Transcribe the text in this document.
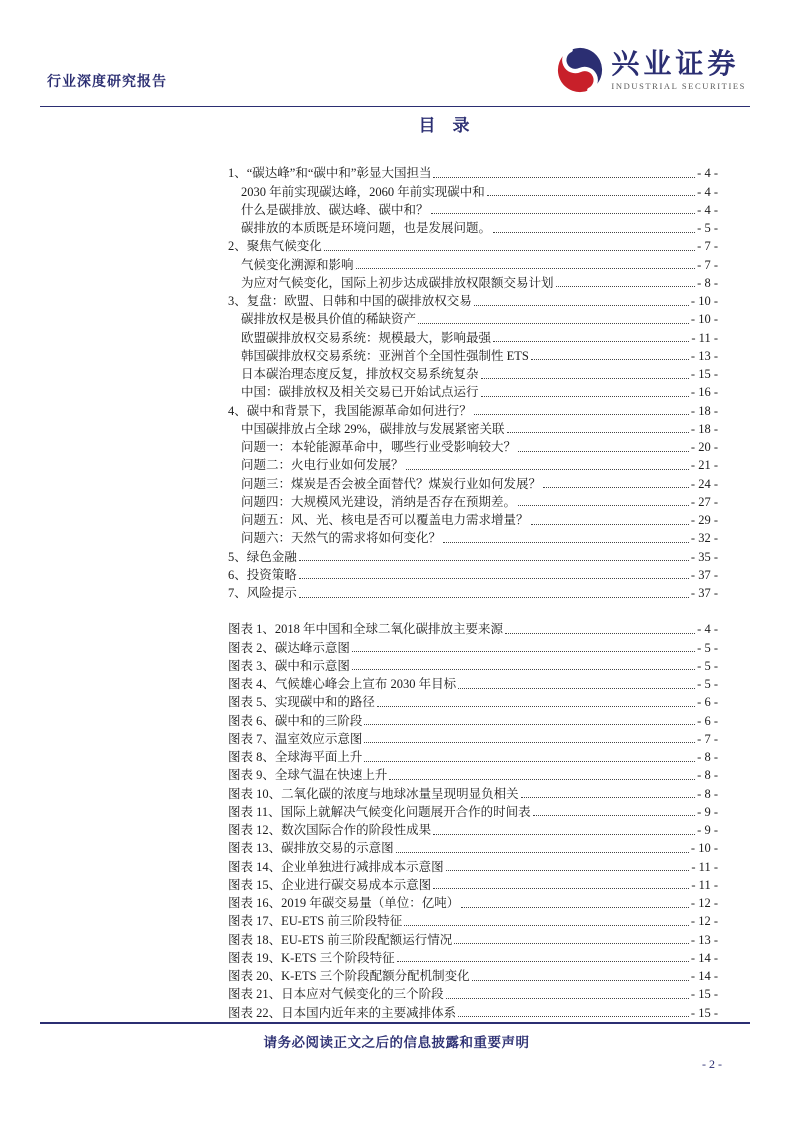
行业深度研究报告
兴业证券
INDUSTRIAL SECURITIES
目　录
1、“碳达峰”和“碳中和”彰显大国担当	- 4 -
2030 年前实现碳达峰，2060 年前实现碳中和	- 4 -
什么是碳排放、碳达峰、碳中和？	- 4 -
碳排放的本质既是环境问题，也是发展问题。	- 5 -
2、聚焦气候变化	- 7 -
气候变化溯源和影响	- 7 -
为应对气候变化，国际上初步达成碳排放权限额交易计划	- 8 -
3、复盘：欧盟、日韩和中国的碳排放权交易	- 10 -
碳排放权是极具价值的稀缺资产	- 10 -
欧盟碳排放权交易系统：规模最大，影响最强	- 11 -
韩国碳排放权交易系统：亚洲首个全国性强制性 ETS	- 13 -
日本碳治理态度反复，排放权交易系统复杂	- 15 -
中国：碳排放权及相关交易已开始试点运行	- 16 -
4、碳中和背景下，我国能源革命如何进行？	- 18 -
中国碳排放占全球 29%，碳排放与发展紧密关联	- 18 -
问题一：本轮能源革命中，哪些行业受影响较大？	- 20 -
问题二：火电行业如何发展？	- 21 -
问题三：煤炭是否会被全面替代？煤炭行业如何发展？	- 24 -
问题四：大规模风光建设，消纳是否存在预期差。	- 27 -
问题五：风、光、核电是否可以覆盖电力需求增量？	- 29 -
问题六：天然气的需求将如何变化？	- 32 -
5、绿色金融	- 35 -
6、投资策略	- 37 -
7、风险提示	- 37 -
图表 1、2018 年中国和全球二氧化碳排放主要来源	- 4 -
图表 2、碳达峰示意图	- 5 -
图表 3、碳中和示意图	- 5 -
图表 4、气候雄心峰会上宣布 2030 年目标	- 5 -
图表 5、实现碳中和的路径	- 6 -
图表 6、碳中和的三阶段	- 6 -
图表 7、温室效应示意图	- 7 -
图表 8、全球海平面上升	- 8 -
图表 9、全球气温在快速上升	- 8 -
图表 10、二氧化碳的浓度与地球冰量呈现明显负相关	- 8 -
图表 11、国际上就解决气候变化问题展开合作的时间表	- 9 -
图表 12、数次国际合作的阶段性成果	- 9 -
图表 13、碳排放交易的示意图	- 10 -
图表 14、企业单独进行减排成本示意图	- 11 -
图表 15、企业进行碳交易成本示意图	- 11 -
图表 16、2019 年碳交易量（单位：亿吨）	- 12 -
图表 17、EU-ETS 前三阶段特征	- 12 -
图表 18、EU-ETS 前三阶段配额运行情况	- 13 -
图表 19、K-ETS 三个阶段特征	- 14 -
图表 20、K-ETS 三个阶段配额分配机制变化	- 14 -
图表 21、日本应对气候变化的三个阶段	- 15 -
图表 22、日本国内近年来的主要减排体系	- 15 -
请务必阅读正文之后的信息披露和重要声明
- 2 -
